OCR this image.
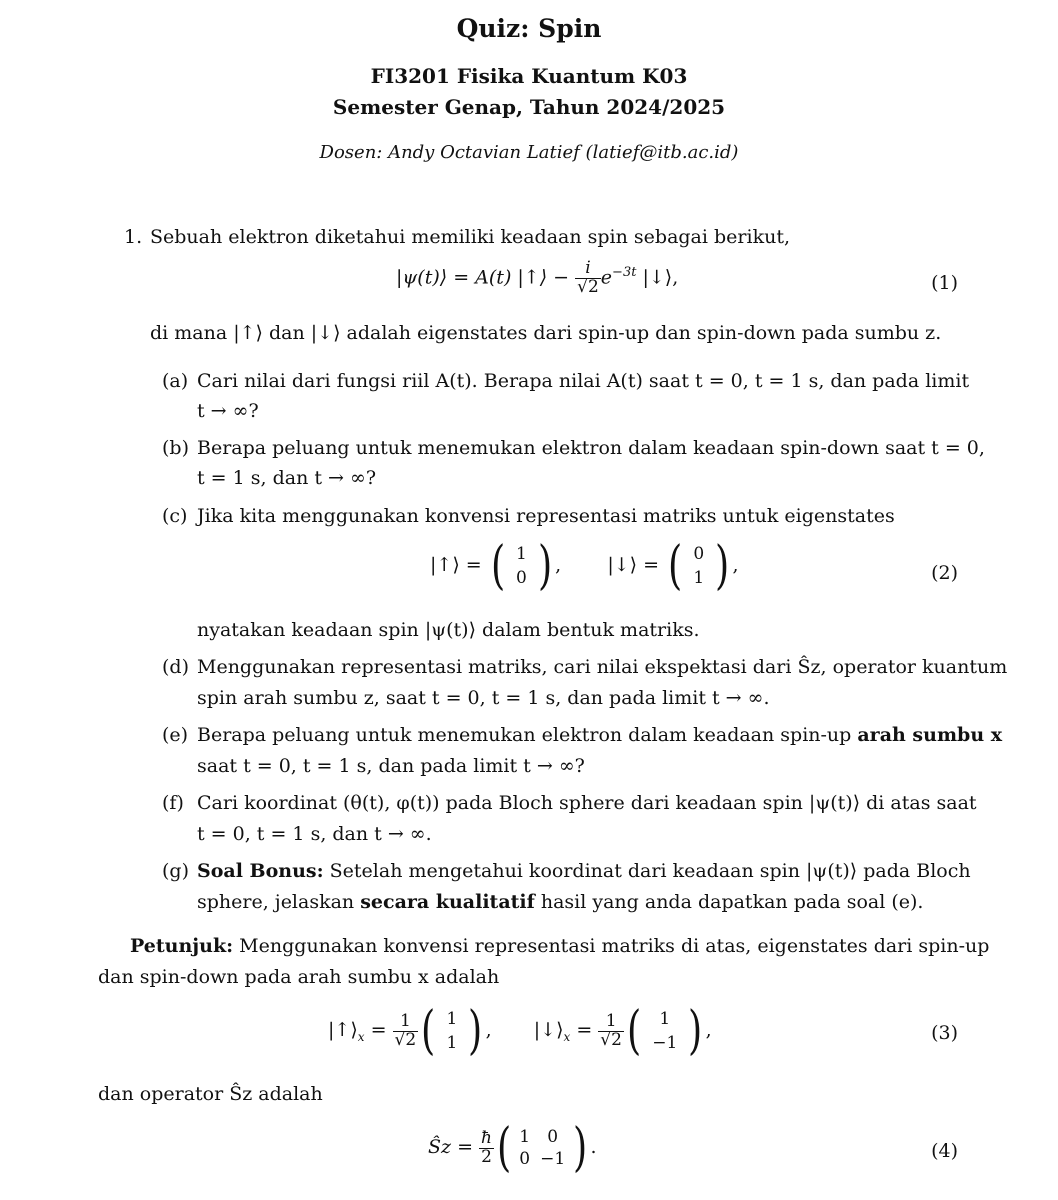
Quiz: Spin
FI3201 Fisika Kuantum K03
Semester Genap, Tahun 2024/2025
Dosen: Andy Octavian Latief (latief@itb.ac.id)
1. Sebuah elektron diketahui memiliki keadaan spin sebagai berikut,
|ψ(t)⟩ = A(t) |↑⟩ − $\frac{i}{√2} e^{-3t}$ |↓⟩,	(1)
di mana |↑⟩ dan |↓⟩ adalah eigenstates dari spin-up dan spin-down pada sumbu z.
(a) Cari nilai dari fungsi riil A(t). Berapa nilai A(t) saat t = 0, t = 1 s, dan pada limit
t → ∞?
(b) Berapa peluang untuk menemukan elektron dalam keadaan spin-down saat t = 0,
t = 1 s, dan t → ∞?
(c) Jika kita menggunakan konvensi representasi matriks untuk eigenstates
|↑⟩ = ( 1
0 ) ,  |↓⟩ = ( 0
1 ) ,	(2)
nyatakan keadaan spin |ψ(t)⟩ dalam bentuk matriks.
(d) Menggunakan representasi matriks, cari nilai ekspektasi dari Ŝz, operator kuantum
spin arah sumbu z, saat t = 0, t = 1 s, dan pada limit t → ∞.
(e) Berapa peluang untuk menemukan elektron dalam keadaan spin-up arah sumbu x
saat t = 0, t = 1 s, dan pada limit t → ∞?
(f) Cari koordinat (θ(t), φ(t)) pada Bloch sphere dari keadaan spin |ψ(t)⟩ di atas saat
t = 0, t = 1 s, dan t → ∞.
(g) Soal Bonus: Setelah mengetahui koordinat dari keadaan spin |ψ(t)⟩ pada Bloch
sphere, jelaskan secara kualitatif hasil yang anda dapatkan pada soal (e).
Petunjuk: Menggunakan konvensi representasi matriks di atas, eigenstates dari spin-up
dan spin-down pada arah sumbu x adalah
$|↑⟩_x = \frac{1}{√2}$ ( 1
1 ) ,  $|↓⟩_x = \frac{1}{√2}$ ( 1
−1 ) ,	(3)
dan operator Ŝz adalah
Ŝz = $\frac{ħ}{2}$ ( 1	0
0	−1 ) .	(4)
